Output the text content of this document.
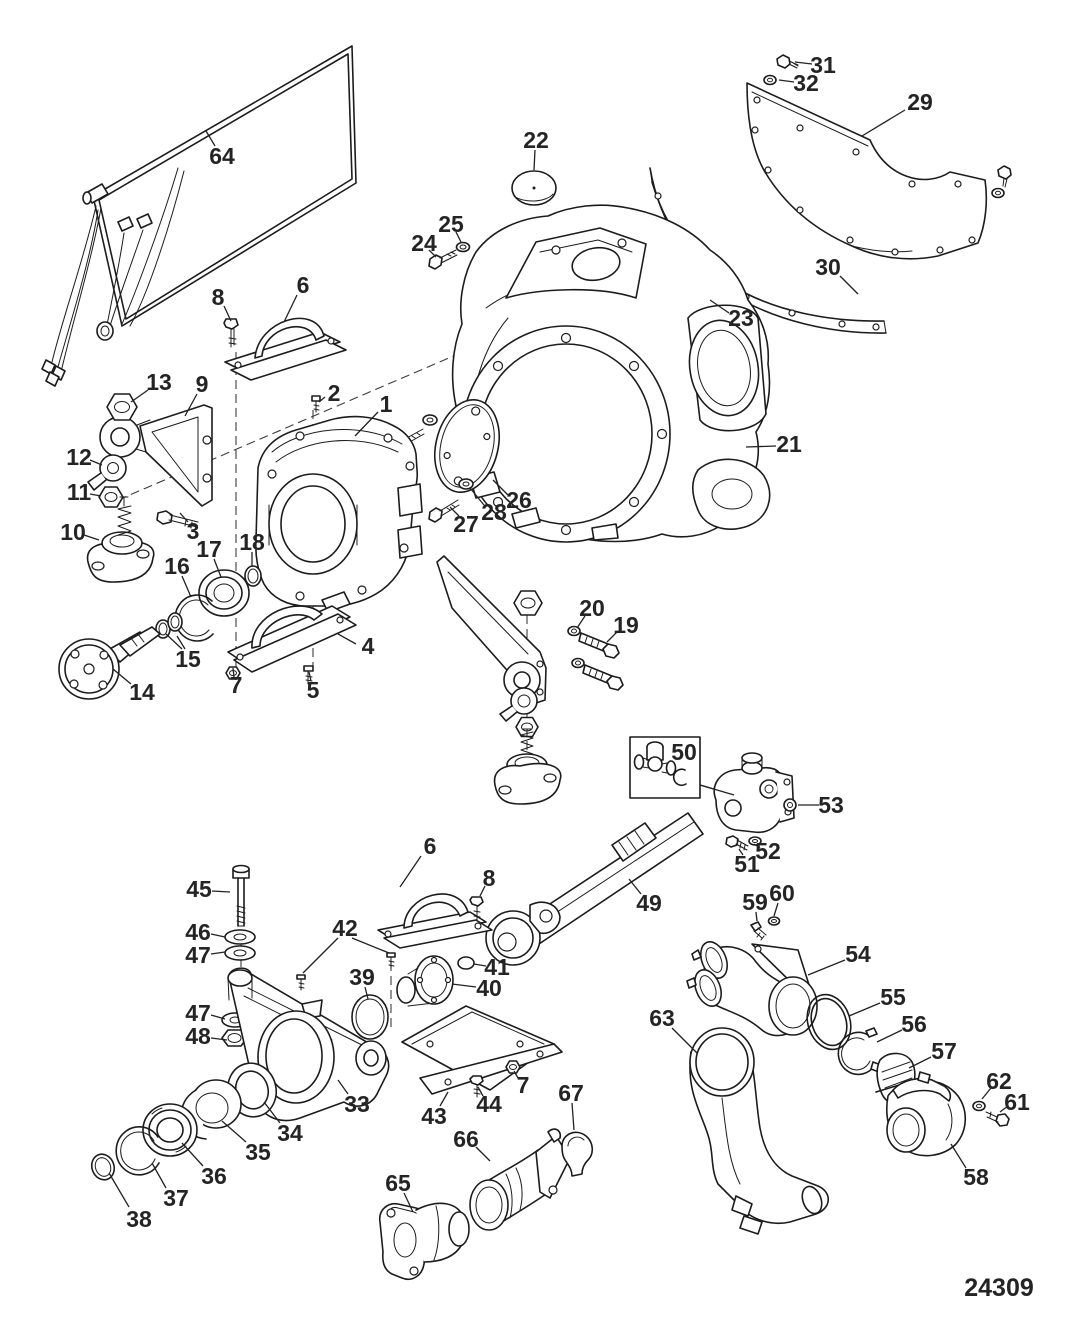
1
2
3
4
5
6
7
8
9
10
11
12
13
14
15
16
17 18
19
20
21
22
23
24
25
26
27 28
29
30
31
32
33
34
35
36
37
38
39	40
41
42
43 44
45
46
47
47
48
49
50
51
52
53
54
55
56
57
58
59 60
61
62
63
64
65
66
67
6
7
8
24309
